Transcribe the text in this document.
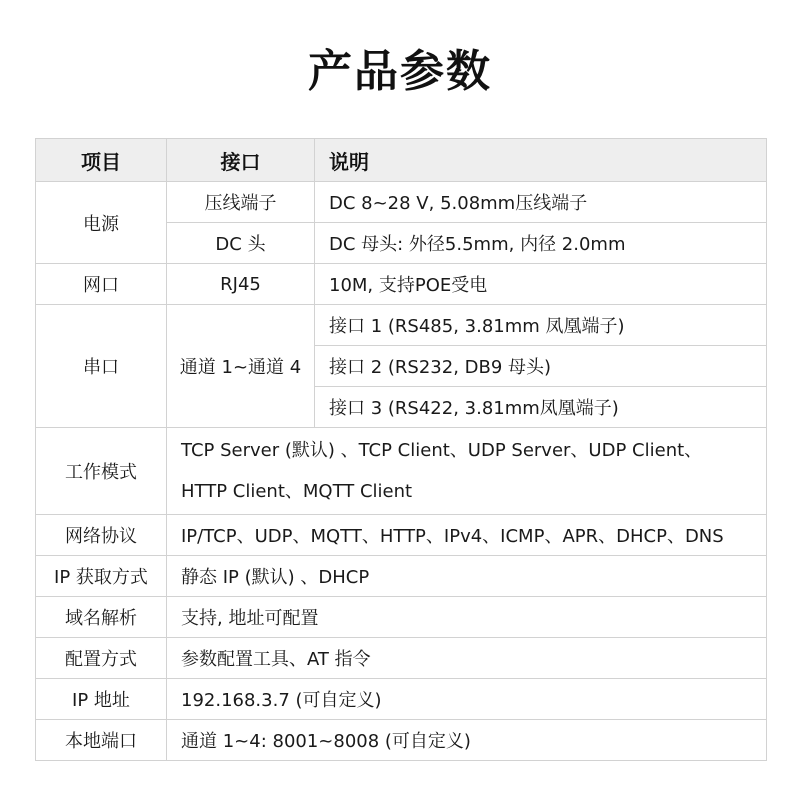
产品参数
项目	接口	说明
电源	压线端子	DC 8~28 V, 5.08mm压线端子
	DC 头	DC 母头: 外径5.5mm, 内径 2.0mm
网口	RJ45	10M, 支持POE受电
串口	通道 1~通道 4	接口 1 (RS485, 3.81mm 凤凰端子)
		接口 2 (RS232, DB9 母头)
		接口 3 (RS422, 3.81mm凤凰端子)
工作模式	TCP Server (默认) 、TCP Client、UDP Server、UDP Client、
HTTP Client、MQTT Client	

网络协议	IP/TCP、UDP、MQTT、HTTP、IPv4、ICMP、APR、DHCP、DNS	
IP 获取方式	静态 IP (默认) 、DHCP	
域名解析	支持, 地址可配置	
配置方式	参数配置工具、AT 指令	
IP 地址	192.168.3.7 (可自定义)	
本地端口	通道 1~4: 8001~8008 (可自定义)	
